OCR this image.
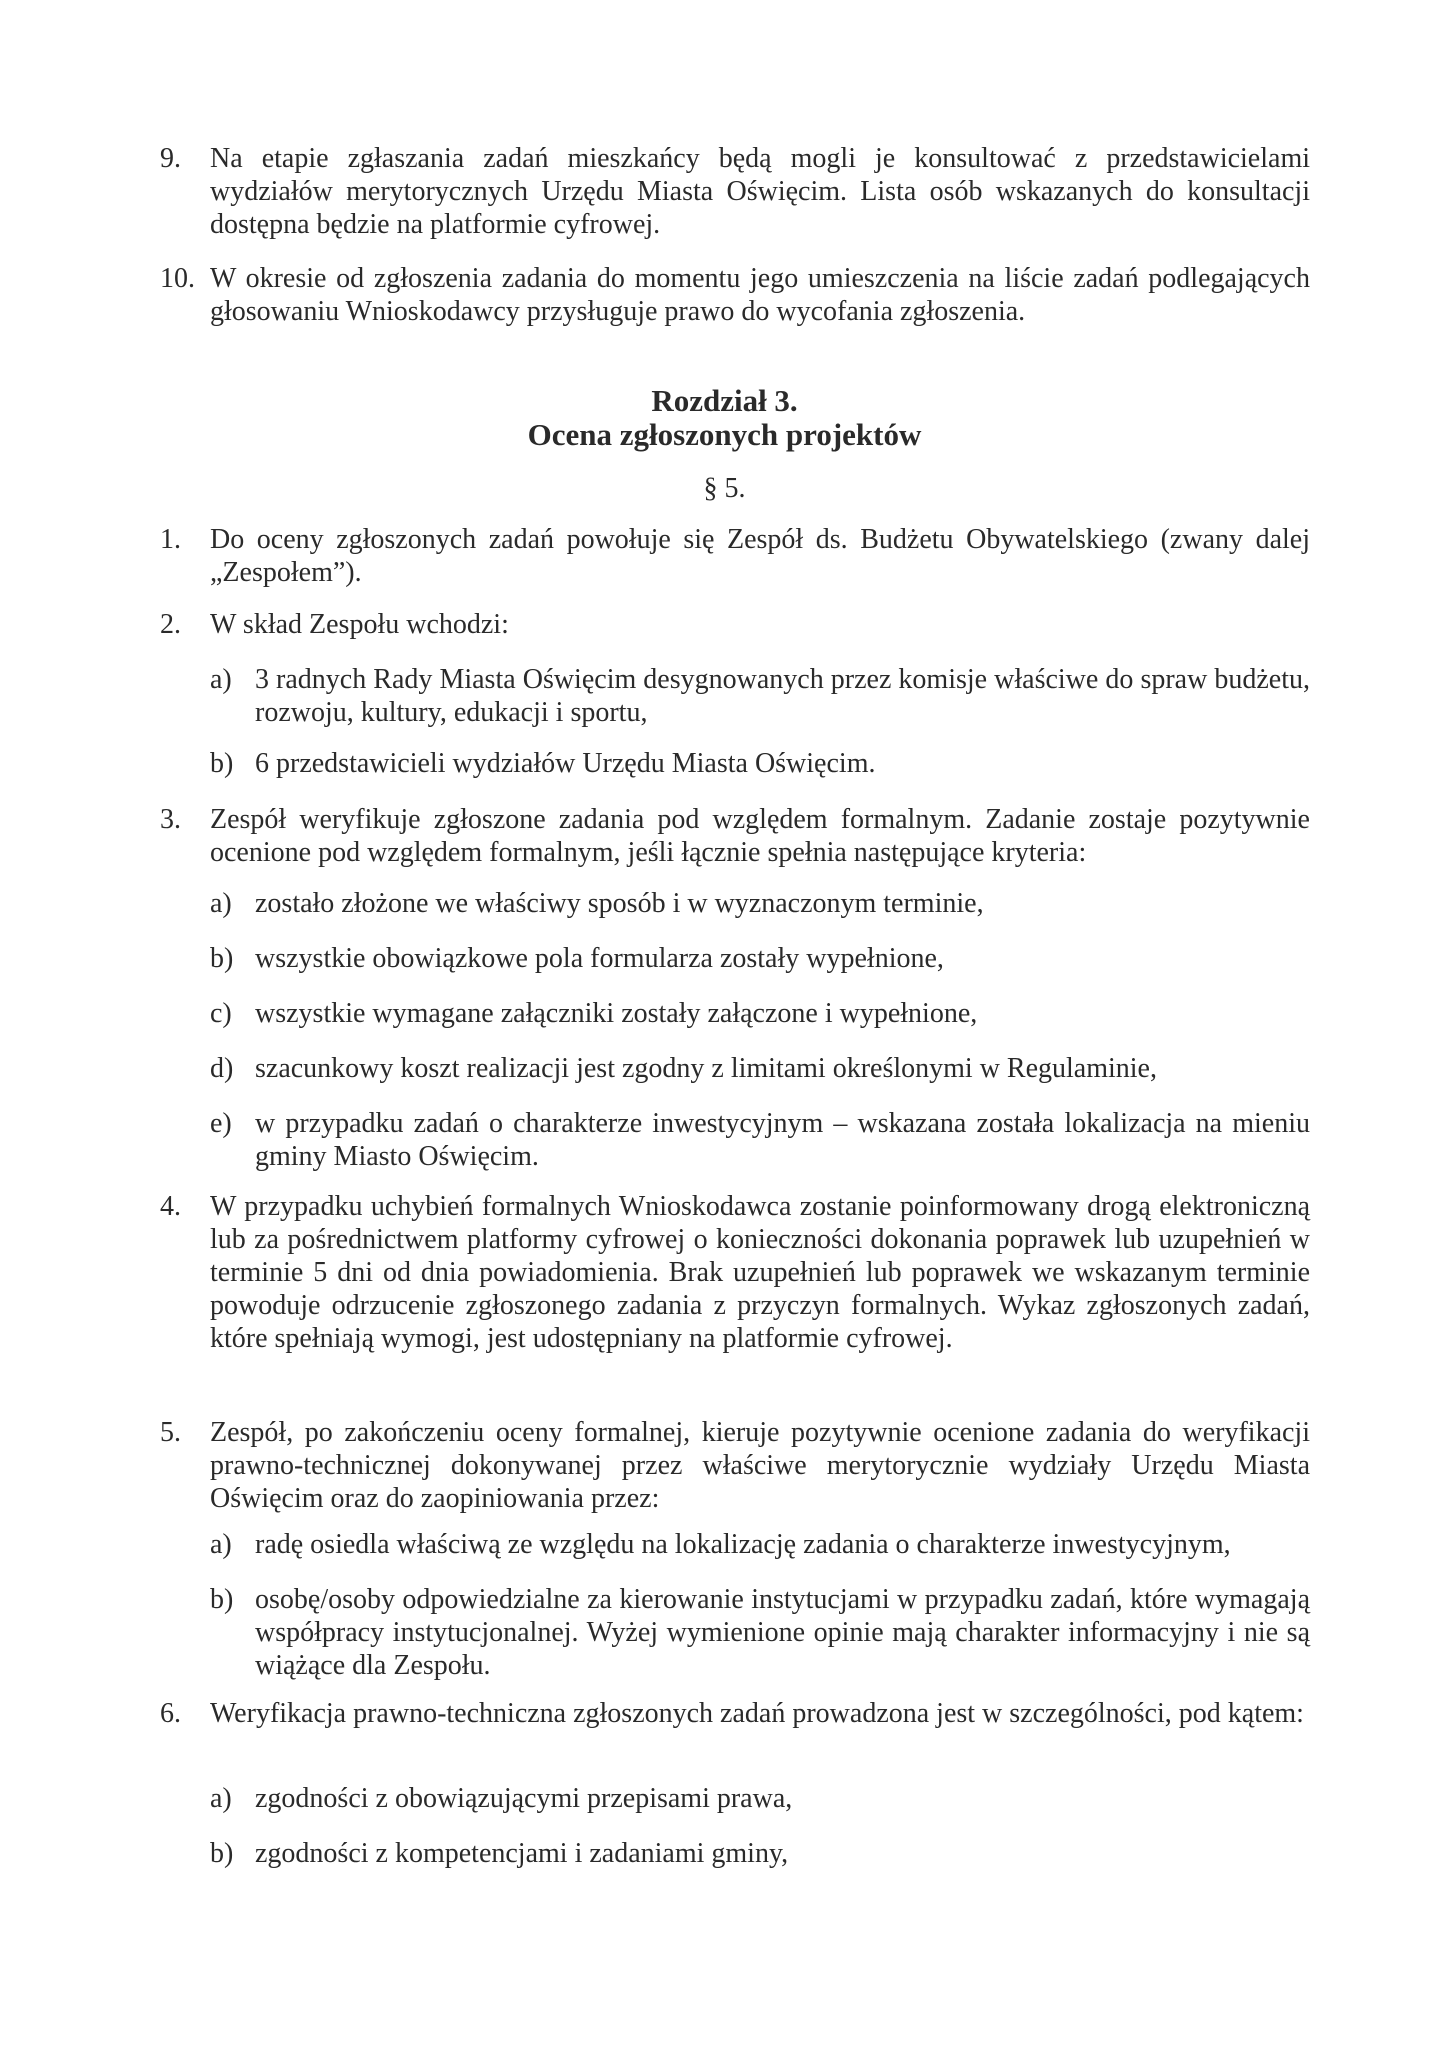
9. Na etapie zgłaszania zadań mieszkańcy będą mogli je konsultować z przedstawicielami wydziałów merytorycznych Urzędu Miasta Oświęcim. Lista osób wskazanych do konsultacji dostępna będzie na platformie cyfrowej.
10. W okresie od zgłoszenia zadania do momentu jego umieszczenia na liście zadań podlegających głosowaniu Wnioskodawcy przysługuje prawo do wycofania zgłoszenia.
Rozdział 3.
Ocena zgłoszonych projektów
§ 5.
1. Do oceny zgłoszonych zadań powołuje się Zespół ds. Budżetu Obywatelskiego (zwany dalej „Zespołem”).
2. W skład Zespołu wchodzi:
a) 3 radnych Rady Miasta Oświęcim desygnowanych przez komisje właściwe do spraw budżetu, rozwoju, kultury, edukacji i sportu,
b) 6 przedstawicieli wydziałów Urzędu Miasta Oświęcim.
3. Zespół weryfikuje zgłoszone zadania pod względem formalnym. Zadanie zostaje pozytywnie ocenione pod względem formalnym, jeśli łącznie spełnia następujące kryteria:
a) zostało złożone we właściwy sposób i w wyznaczonym terminie,
b) wszystkie obowiązkowe pola formularza zostały wypełnione,
c) wszystkie wymagane załączniki zostały załączone i wypełnione,
d) szacunkowy koszt realizacji jest zgodny z limitami określonymi w Regulaminie,
e) w przypadku zadań o charakterze inwestycyjnym – wskazana została lokalizacja na mieniu gminy Miasto Oświęcim.
4. W przypadku uchybień formalnych Wnioskodawca zostanie poinformowany drogą elektroniczną lub za pośrednictwem platformy cyfrowej o konieczności dokonania poprawek lub uzupełnień w terminie 5 dni od dnia powiadomienia. Brak uzupełnień lub poprawek we wskazanym terminie powoduje odrzucenie zgłoszonego zadania z przyczyn formalnych. Wykaz zgłoszonych zadań, które spełniają wymogi, jest udostępniany na platformie cyfrowej.
5. Zespół, po zakończeniu oceny formalnej, kieruje pozytywnie ocenione zadania do weryfikacji prawno-technicznej dokonywanej przez właściwe merytorycznie wydziały Urzędu Miasta Oświęcim oraz do zaopiniowania przez:
a) radę osiedla właściwą ze względu na lokalizację zadania o charakterze inwestycyjnym,
b) osobę/osoby odpowiedzialne za kierowanie instytucjami w przypadku zadań, które wymagają współpracy instytucjonalnej. Wyżej wymienione opinie mają charakter informacyjny i nie są wiążące dla Zespołu.
6. Weryfikacja prawno-techniczna zgłoszonych zadań prowadzona jest w szczególności, pod kątem:
a) zgodności z obowiązującymi przepisami prawa,
b) zgodności z kompetencjami i zadaniami gminy,
